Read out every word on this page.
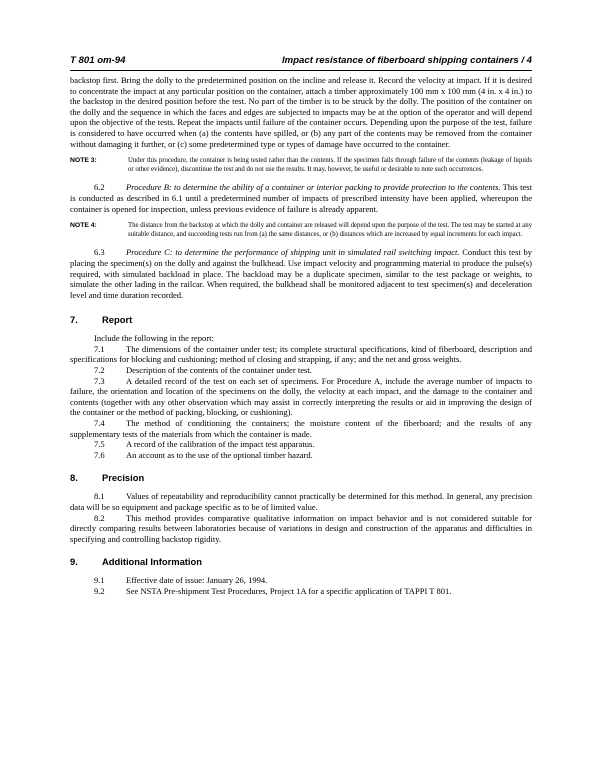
T 801 om-94	Impact resistance of fiberboard shipping containers / 4

backstop first. Bring the dolly to the predetermined position on the incline and release it. Record the velocity at impact. If it is desired to concentrate the impact at any particular position on the container, attach a timber approximately 100 mm x 100 mm (4 in. x 4 in.) to the backstop in the desired position before the test. No part of the timber is to be struck by the dolly. The position of the container on the dolly and the sequence in which the faces and edges are subjected to impacts may be at the option of the operator and will depend upon the objective of the tests. Repeat the impacts until failure of the container occurs. Depending upon the purpose of the test, failure is considered to have occurred when (a) the contents have spilled, or (b) any part of the contents may be removed from the container without damaging it further, or (c) some predetermined type or types of damage have occurred to the container.

NOTE 3:	Under this procedure, the container is being tested rather than the contents. If the specimen fails through failure of the contents (leakage of liquids or other evidence), discontinue the test and do not use the results. It may, however, be useful or desirable to note such occurrences.

6.2 Procedure B: to determine the ability of a container or interior packing to provide protection to the contents. This test is conducted as described in 6.1 until a predetermined number of impacts of prescribed intensity have been applied, whereupon the container is opened for inspection, unless previous evidence of failure is already apparent.

NOTE 4:	The distance from the backstop at which the dolly and container are released will depend upon the purpose of the test. The test may be started at any suitable distance, and succeeding tests run from (a) the same distances, or (b) distances which are increased by equal increments for each impact.

6.3 Procedure C: to determine the performance of shipping unit in simulated rail switching impact. Conduct this test by placing the specimen(s) on the dolly and against the bulkhead. Use impact velocity and programming material to produce the pulse(s) required, with simulated backload in place. The backload may be a duplicate specimen, similar to the test package or weights, to simulate the other lading in the railcar. When required, the bulkhead shall be monitored adjacent to test specimen(s) and deceleration level and time duration recorded.

7.	Report

Include the following in the report:

7.1 The dimensions of the container under test; its complete structural specifications, kind of fiberboard, description and specifications for blocking and cushioning; method of closing and strapping, if any; and the net and gross weights.

7.2 Description of the contents of the container under test.

7.3 A detailed record of the test on each set of specimens. For Procedure A, include the average number of impacts to failure, the orientation and location of the specimens on the dolly, the velocity at each impact, and the damage to the container and contents (together with any other observation which may assist in correctly interpreting the results or aid in improving the design of the container or the method of packing, blocking, or cushioning).

7.4 The method of conditioning the containers; the moisture content of the fiberboard; and the results of any supplementary tests of the materials from which the container is made.

7.5 A record of the calibration of the impact test apparatus.

7.6 An account as to the use of the optional timber hazard.

8.	Precision

8.1 Values of repeatability and reproducibility cannot practically be determined for this method. In general, any precision data will be so equipment and package specific as to be of limited value.

8.2 This method provides comparative qualitative information on impact behavior and is not considered suitable for directly comparing results between laboratories because of variations in design and construction of the apparatus and difficulties in specifying and controlling backstop rigidity.

9.	Additional Information

9.1 Effective date of issue: January 26, 1994.

9.2 See NSTA Pre-shipment Test Procedures, Project 1A for a specific application of TAPPI T 801.
